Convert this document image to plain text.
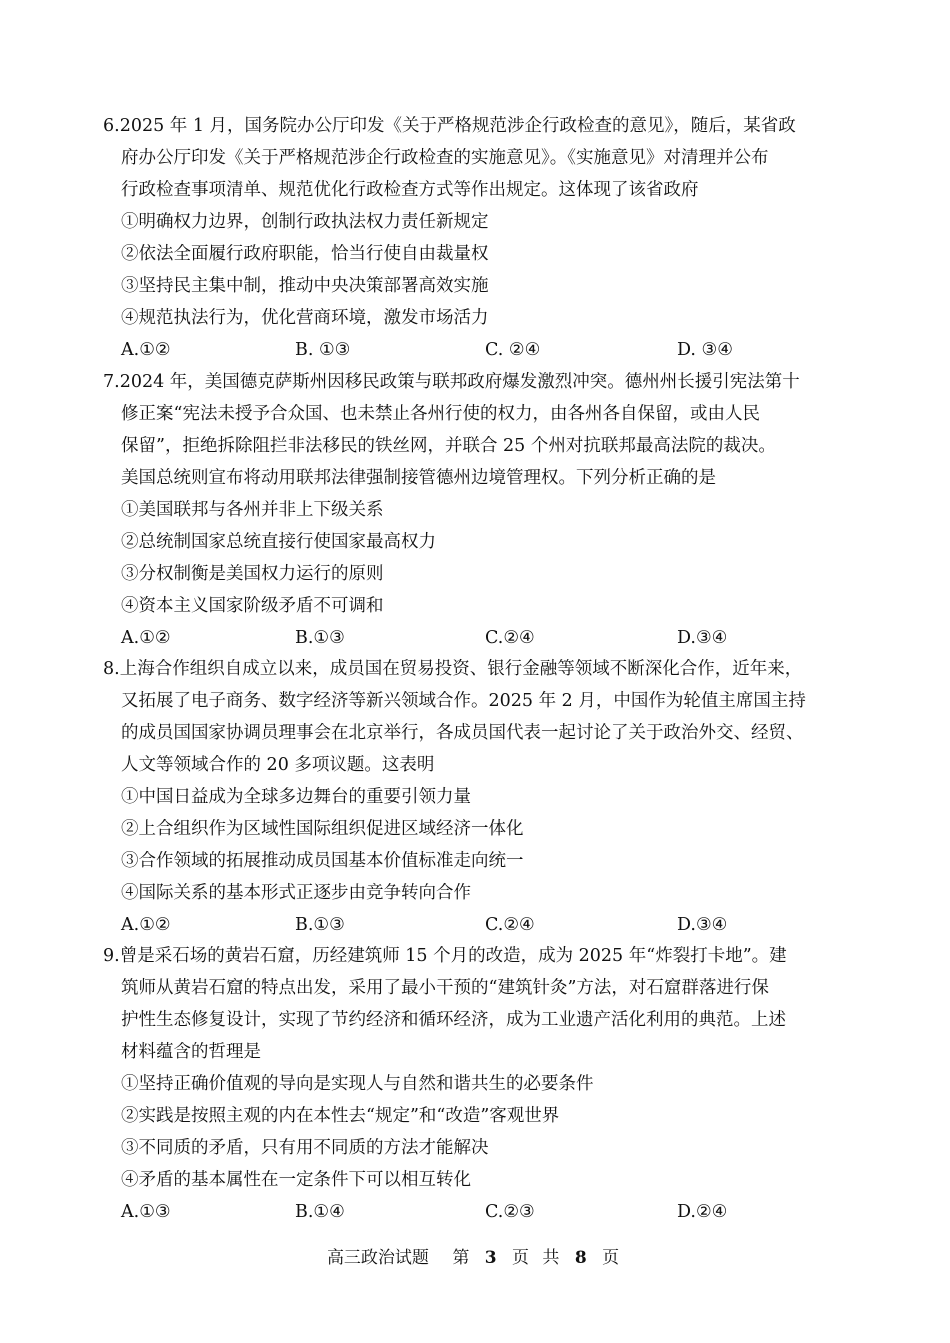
6.2025 年 1 月，国务院办公厅印发《关于严格规范涉企行政检查的意见》，随后，某省政
府办公厅印发《关于严格规范涉企行政检查的实施意见》。《实施意见》对清理并公布
行政检查事项清单、规范优化行政检查方式等作出规定。这体现了该省政府
①明确权力边界，创制行政执法权力责任新规定
②依法全面履行政府职能，恰当行使自由裁量权
③坚持民主集中制，推动中央决策部署高效实施
④规范执法行为，优化营商环境，激发市场活力
A.①②	B. ①③	C. ②④	D. ③④
7.2024 年，美国德克萨斯州因移民政策与联邦政府爆发激烈冲突。德州州长援引宪法第十
修正案“宪法未授予合众国、也未禁止各州行使的权力，由各州各自保留，或由人民
保留”，拒绝拆除阻拦非法移民的铁丝网，并联合 25 个州对抗联邦最高法院的裁决。
美国总统则宣布将动用联邦法律强制接管德州边境管理权。下列分析正确的是
①美国联邦与各州并非上下级关系
②总统制国家总统直接行使国家最高权力
③分权制衡是美国权力运行的原则
④资本主义国家阶级矛盾不可调和
A.①②	B.①③	C.②④	D.③④
8.上海合作组织自成立以来，成员国在贸易投资、银行金融等领域不断深化合作，近年来，
又拓展了电子商务、数字经济等新兴领域合作。2025 年 2 月，中国作为轮值主席国主持
的成员国国家协调员理事会在北京举行，各成员国代表一起讨论了关于政治外交、经贸、
人文等领域合作的 20 多项议题。这表明
①中国日益成为全球多边舞台的重要引领力量
②上合组织作为区域性国际组织促进区域经济一体化
③合作领域的拓展推动成员国基本价值标准走向统一
④国际关系的基本形式正逐步由竞争转向合作
A.①②	B.①③	C.②④	D.③④
9.曾是采石场的黄岩石窟，历经建筑师 15 个月的改造，成为 2025 年“炸裂打卡地”。建
筑师从黄岩石窟的特点出发，采用了最小干预的“建筑针灸”方法，对石窟群落进行保
护性生态修复设计，实现了节约经济和循环经济，成为工业遗产活化利用的典范。上述
材料蕴含的哲理是
①坚持正确价值观的导向是实现人与自然和谐共生的必要条件
②实践是按照主观的内在本性去“规定”和“改造”客观世界
③不同质的矛盾，只有用不同质的方法才能解决
④矛盾的基本属性在一定条件下可以相互转化
A.①③	B.①④	C.②③	D.②④
高三政治试题 第 3 页 共 8 页
